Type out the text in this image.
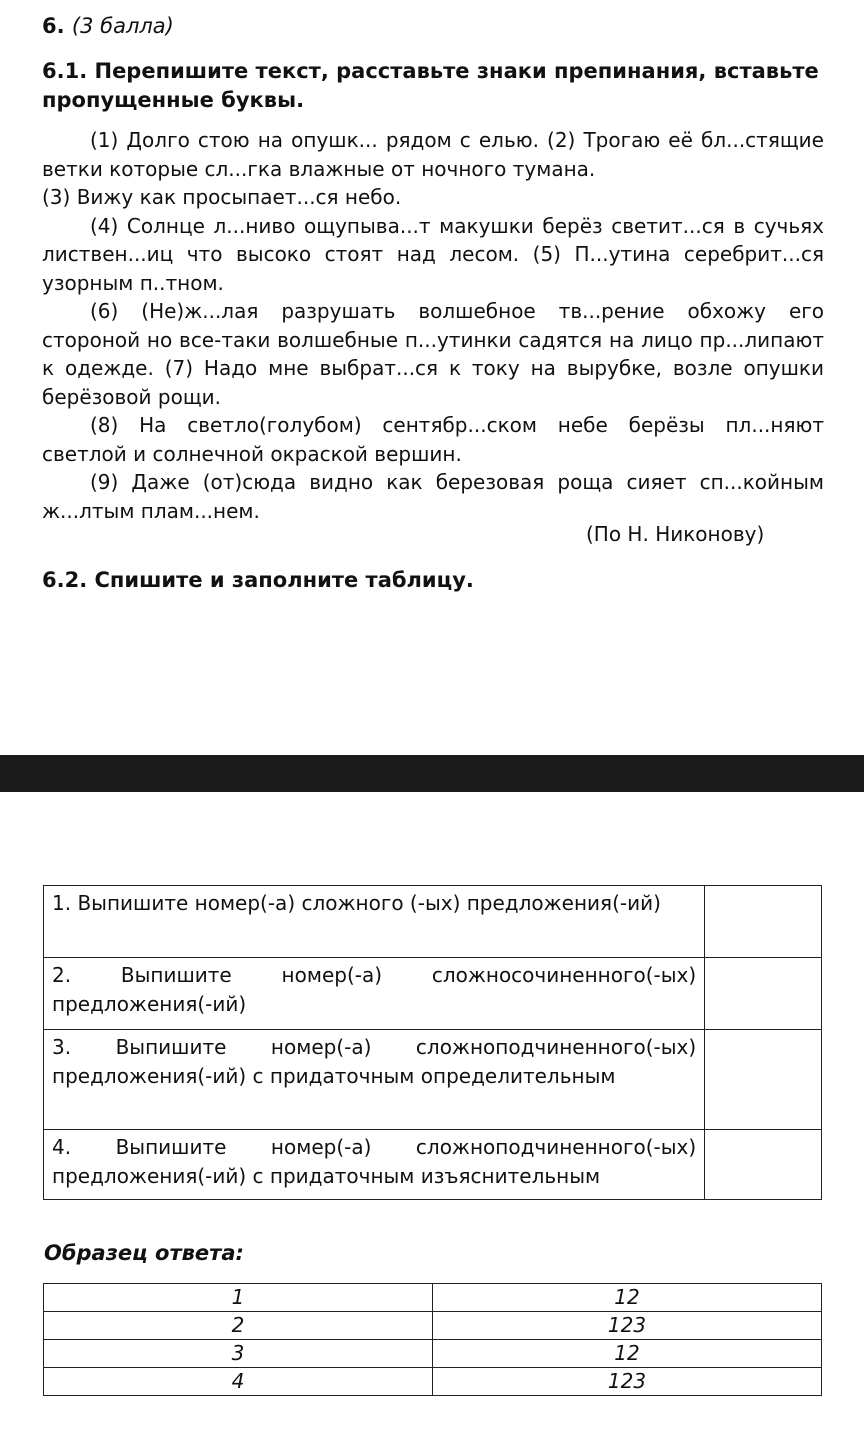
6. (3 балла)
6.1. Перепишите текст, расставьте знаки препинания, вставьте пропущенные буквы.

(1) Долго стою на опушк... рядом с елью. (2) Трогаю её бл...стящие ветки которые сл...гка влажные от ночного тумана.

(3) Вижу как просыпает...ся небо.

(4) Солнце л...ниво ощупыва...т макушки берёз светит...ся в сучьях листвен...иц что высоко стоят над лесом. (5) П...утина серебрит...ся узорным п..тном.

(6) (Не)ж...лая разрушать волшебное тв...рение обхожу его стороной но все-таки волшебные п...утинки садятся на лицо пр...липают к одежде. (7) Надо мне выбрат...ся к току на вырубке, возле опушки берёзовой рощи.

(8) На светло(голубом) сентябр...ском небе берёзы пл...няют светлой и солнечной окраской вершин.

(9) Даже (от)сюда видно как березовая роща сияет сп...койным ж...лтым плам...нем.

(По Н. Никонову)
6.2. Спишите и заполните таблицу.
1. Выпишите номер(-а) сложного (-ых) предложения(-ий)	
2. Выпишите номер(-а) сложносочиненного(-ых) предложения(-ий)	
3. Выпишите номер(-а) сложноподчиненного(-ых) предложения(-ий) с придаточным определительным	
4. Выпишите номер(-а) сложноподчиненного(-ых) предложения(-ий) с придаточным изъяснительным	
Образец ответа:
1	12
2	123
3	12
4	123
